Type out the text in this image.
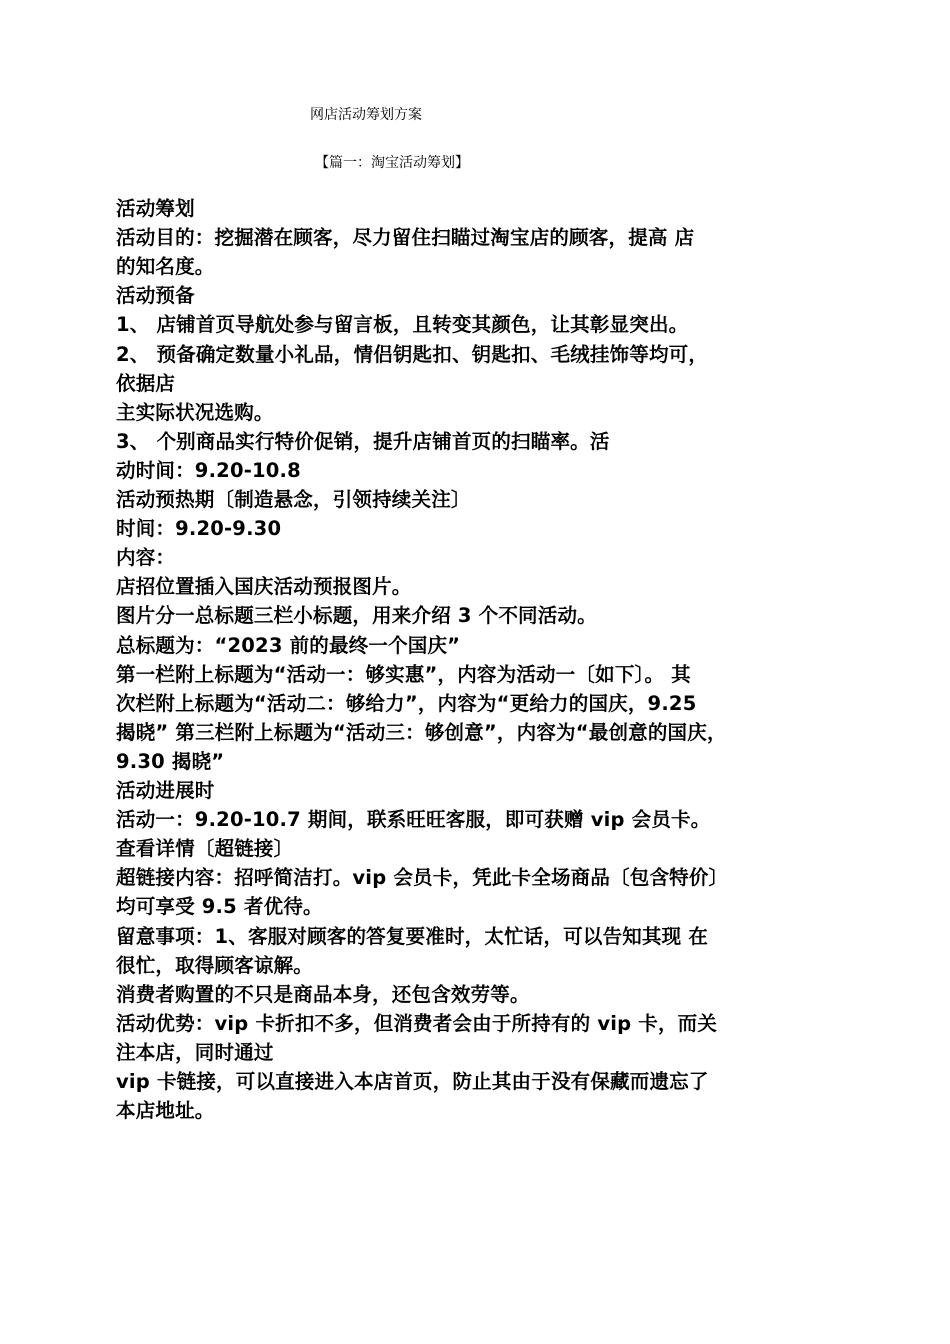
网店活动筹划方案
【篇一：淘宝活动筹划】
活动筹划
活动目的：挖掘潜在顾客，尽力留住扫瞄过淘宝店的顾客，提高 店
的知名度。
活动预备
1、 店铺首页导航处参与留言板，且转变其颜色，让其彰显突出。
2、 预备确定数量小礼品，情侣钥匙扣、钥匙扣、毛绒挂饰等均可，
依据店
主实际状况选购。
3、 个别商品实行特价促销，提升店铺首页的扫瞄率。活
动时间：9.20-10.8
活动预热期〔制造悬念，引领持续关注〕
时间：9.20-9.30
内容：
店招位置插入国庆活动预报图片。
图片分一总标题三栏小标题，用来介绍 3 个不同活动。
总标题为：“2023 前的最终一个国庆”
第一栏附上标题为“活动一：够实惠”，内容为活动一〔如下〕。 其
次栏附上标题为“活动二：够给力”，内容为“更给力的国庆，9.25
揭晓” 第三栏附上标题为“活动三：够创意”，内容为“最创意的国庆，
9.30 揭晓”
活动进展时
活动一：9.20-10.7 期间，联系旺旺客服，即可获赠 vip 会员卡。
查看详情〔超链接〕
超链接内容：招呼简洁打。vip 会员卡，凭此卡全场商品〔包含特价〕
均可享受 9.5 者优待。
留意事项：1、客服对顾客的答复要准时，太忙话，可以告知其现 在
很忙，取得顾客谅解。
消费者购置的不只是商品本身，还包含效劳等。
活动优势：vip 卡折扣不多，但消费者会由于所持有的 vip 卡，而关
注本店，同时通过
vip 卡链接，可以直接进入本店首页，防止其由于没有保藏而遗忘了
本店地址。
